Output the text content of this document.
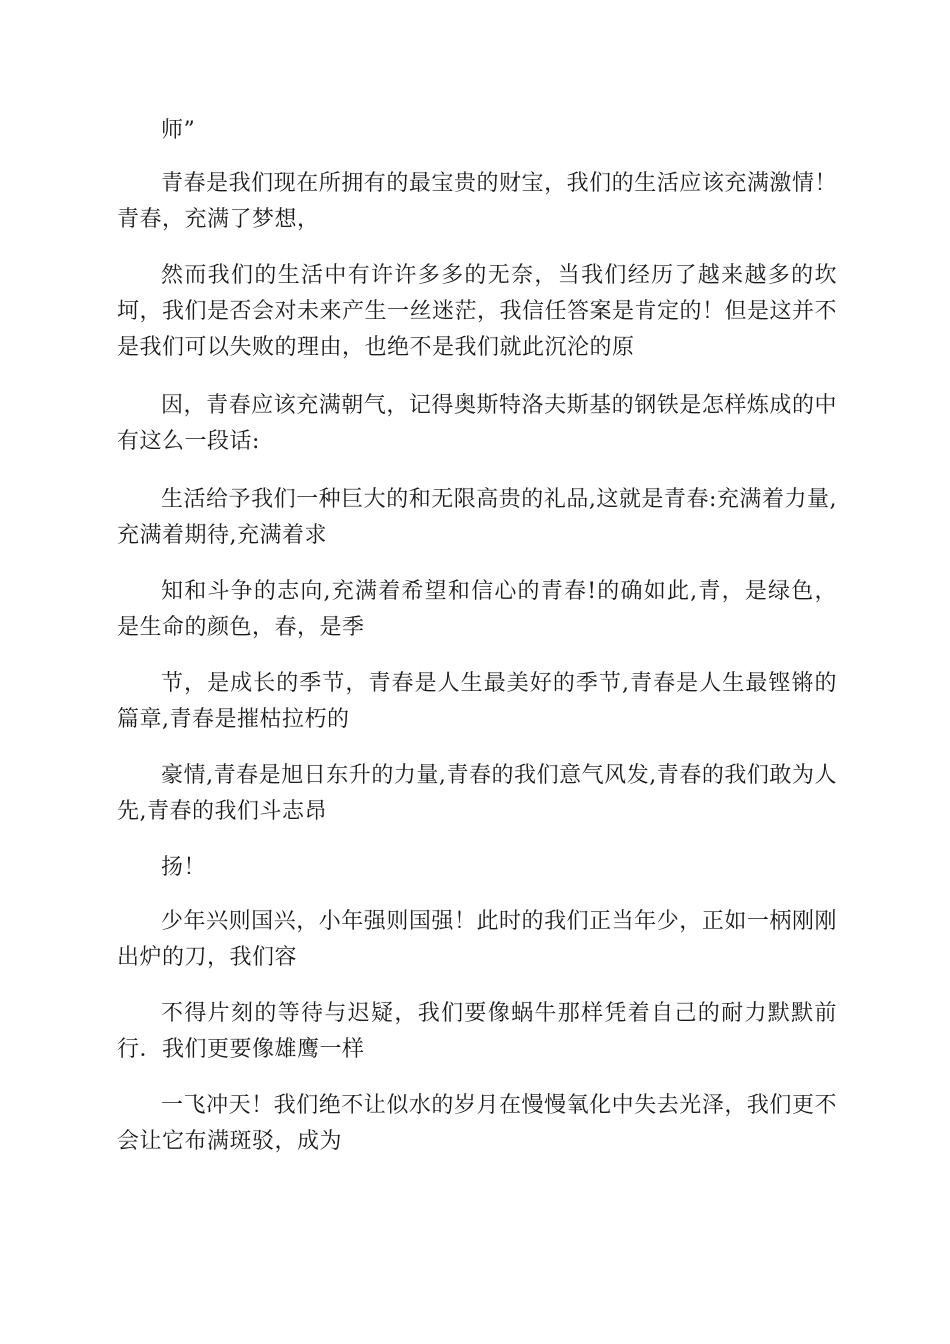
师”

青春是我们现在所拥有的最宝贵的财宝，我们的生活应该充满激情！青春，充满了梦想，

然而我们的生活中有许许多多的无奈，当我们经历了越来越多的坎坷，我们是否会对未来产生一丝迷茫，我信任答案是肯定的！但是这并不是我们可以失败的理由，也绝不是我们就此沉沦的原

因，青春应该充满朝气，记得奥斯特洛夫斯基的钢铁是怎样炼成的中有这么一段话:

生活给予我们一种巨大的和无限高贵的礼品,这就是青春:充满着力量,充满着期待,充满着求

知和斗争的志向,充满着希望和信心的青春!的确如此,青，是绿色，是生命的颜色，春，是季

节，是成长的季节，青春是人生最美好的季节,青春是人生最铿锵的篇章,青春是摧枯拉朽的

豪情,青春是旭日东升的力量,青春的我们意气风发,青春的我们敢为人先,青春的我们斗志昂

扬！

少年兴则国兴，小年强则国强！此时的我们正当年少，正如一柄刚刚出炉的刀，我们容

不得片刻的等待与迟疑，我们要像蜗牛那样凭着自己的耐力默默前行．我们更要像雄鹰一样

一飞冲天！我们绝不让似水的岁月在慢慢氧化中失去光泽，我们更不会让它布满斑驳，成为
